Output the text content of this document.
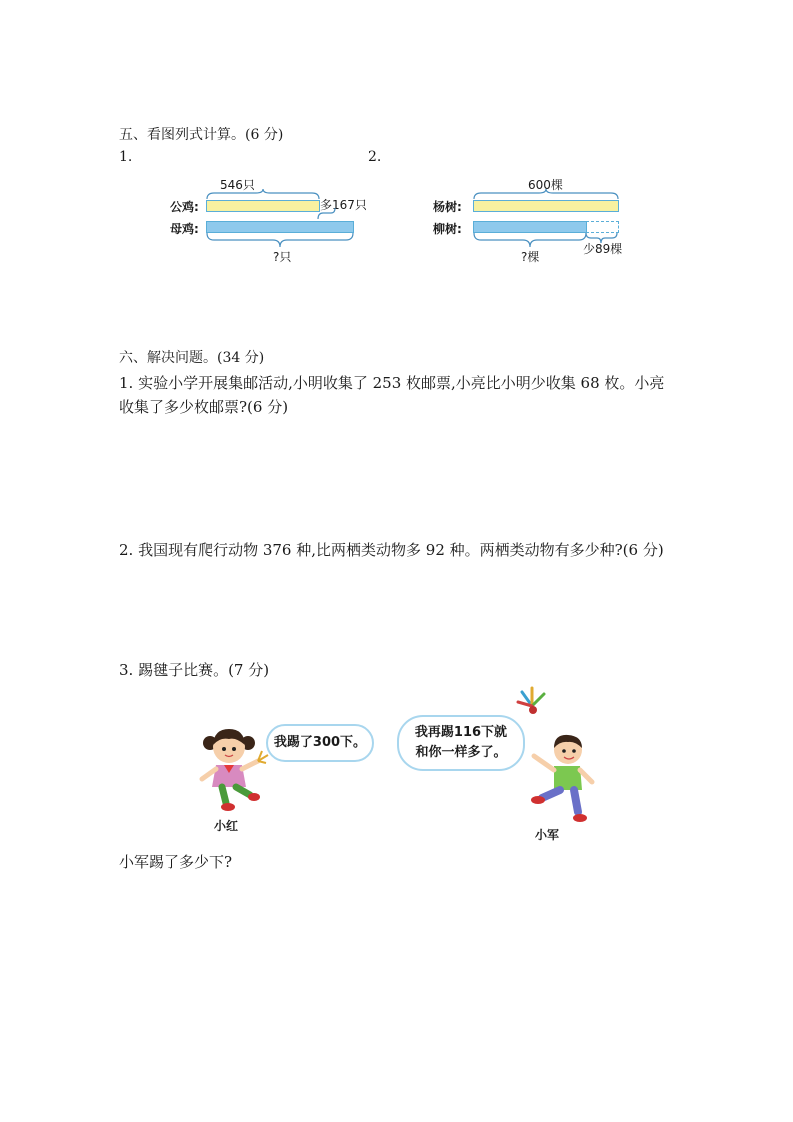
五、看图列式计算。(6 分)
1.	2.
546只
公鸡:	多167只
母鸡:
?只
600棵
杨树:
柳树:
少89棵
?棵
六、解决问题。(34 分)
1. 实验小学开展集邮活动,小明收集了 253 枚邮票,小亮比小明少收集 68 枚。小亮
收集了多少枚邮票?(6 分)
2. 我国现有爬行动物 376 种,比两栖类动物多 92 种。两栖类动物有多少种?(6 分)
3. 踢毽子比赛。(7 分)
我踢了300下。
我再踢116下就
和你一样多了。
小红
小军
小军踢了多少下?
